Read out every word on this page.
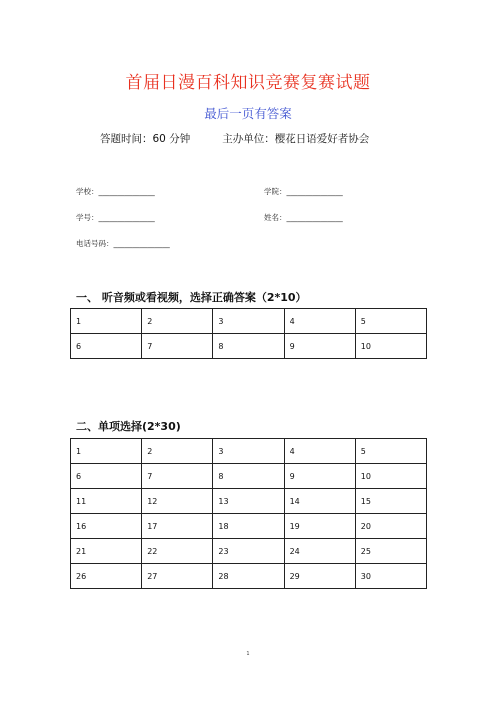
首届日漫百科知识竞赛复赛试题
最后一页有答案
答题时间：60 分钟	主办单位：樱花日语爱好者协会
学校：_______________	学院：_______________
学号：_______________	姓名：_______________
电话号码：_______________
一、 听音频或看视频，选择正确答案（2*10）
1	2	3	4	5
6	7	8	9	10
二、单项选择(2*30)
1	2	3	4	5
6	7	8	9	10
11	12	13	14	15
16	17	18	19	20
21	22	23	24	25
26	27	28	29	30
1
